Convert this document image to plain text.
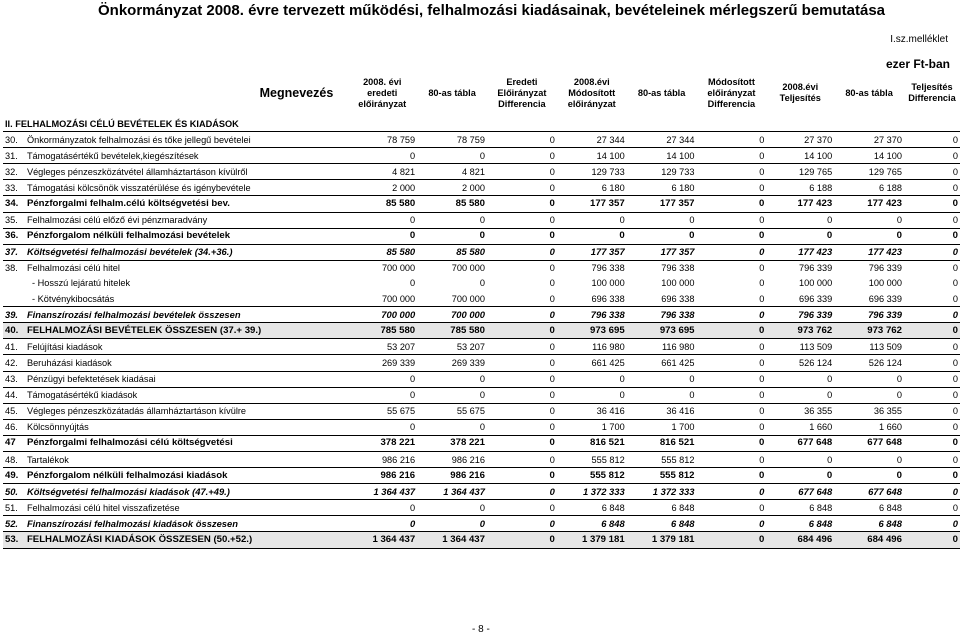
Önkormányzat 2008. évre tervezett működési, felhalmozási kiadásainak, bevételeinek mérlegszerű bemutatása
I.sz.melléklet
ezer Ft-ban
Megnevezés		2008. évi eredeti előirányzat	80-as tábla	Eredeti Előirányzat Differencia	2008.évi Módosított előirányzat	80-as tábla	Módosított előirányzat Differencia	2008.évi Teljesítés	80-as tábla	Teljesítés Differencia
II. FELHALMOZÁSI CÉLÚ BEVÉTELEK ÉS KIADÁSOK										
30.	Önkormányzatok felhalmozási és tőke jellegű bevételei	78 759	78 759	0	27 344	27 344	0	27 370	27 370	0
31.	Támogatásértékű bevételek,kiegészítések	0	0	0	14 100	14 100	0	14 100	14 100	0
32.	Végleges pénzeszközátvétel államháztartáson kívülről	4 821	4 821	0	129 733	129 733	0	129 765	129 765	0
33.	Támogatási kölcsönök visszatérülése és igénybevétele	2 000	2 000	0	6 180	6 180	0	6 188	6 188	0
34.	Pénzforgalmi felhalm.célú költségvetési bev.	85 580	85 580	0	177 357	177 357	0	177 423	177 423	0
35.	Felhalmozási célú előző évi pénzmaradvány	0	0	0	0	0	0	0	0	0
36.	Pénzforgalom nélküli felhalmozási bevételek	0	0	0	0	0	0	0	0	0
37.	Költségvetési felhalmozási bevételek (34.+36.)	85 580	85 580	0	177 357	177 357	0	177 423	177 423	0
38.	Felhalmozási célú hitel	700 000	700 000	0	796 338	796 338	0	796 339	796 339	0
	- Hosszú lejáratú hitelek	0	0	0	100 000	100 000	0	100 000	100 000	0
	- Kötvénykibocsátás	700 000	700 000	0	696 338	696 338	0	696 339	696 339	0
39.	Finanszírozási felhalmozási bevételek összesen	700 000	700 000	0	796 338	796 338	0	796 339	796 339	0
40.	FELHALMOZÁSI BEVÉTELEK ÖSSZESEN (37.+ 39.)	785 580	785 580	0	973 695	973 695	0	973 762	973 762	0
41.	Felújítási kiadások	53 207	53 207	0	116 980	116 980	0	113 509	113 509	0
42.	Beruházási kiadások	269 339	269 339	0	661 425	661 425	0	526 124	526 124	0
43.	Pénzügyi befektetések kiadásai	0	0	0	0	0	0	0	0	0
44.	Támogatásértékű kiadások	0	0	0	0	0	0	0	0	0
45.	Végleges pénzeszközátadás államháztartáson kívülre	55 675	55 675	0	36 416	36 416	0	36 355	36 355	0
46.	Kölcsönnyújtás	0	0	0	1 700	1 700	0	1 660	1 660	0
47	Pénzforgalmi felhalmozási célú költségvetési	378 221	378 221	0	816 521	816 521	0	677 648	677 648	0
48.	Tartalékok	986 216	986 216	0	555 812	555 812	0	0	0	0
49.	Pénzforgalom nélküli felhalmozási kiadások	986 216	986 216	0	555 812	555 812	0	0	0	0
50.	Költségvetési felhalmozási kiadások (47.+49.)	1 364 437	1 364 437	0	1 372 333	1 372 333	0	677 648	677 648	0
51.	Felhalmozási célú hitel visszafizetése	0	0	0	6 848	6 848	0	6 848	6 848	0
52.	Finanszírozási felhalmozási kiadások összesen	0	0	0	6 848	6 848	0	6 848	6 848	0
53.	FELHALMOZÁSI KIADÁSOK ÖSSZESEN (50.+52.)	1 364 437	1 364 437	0	1 379 181	1 379 181	0	684 496	684 496	0
- 8 -
